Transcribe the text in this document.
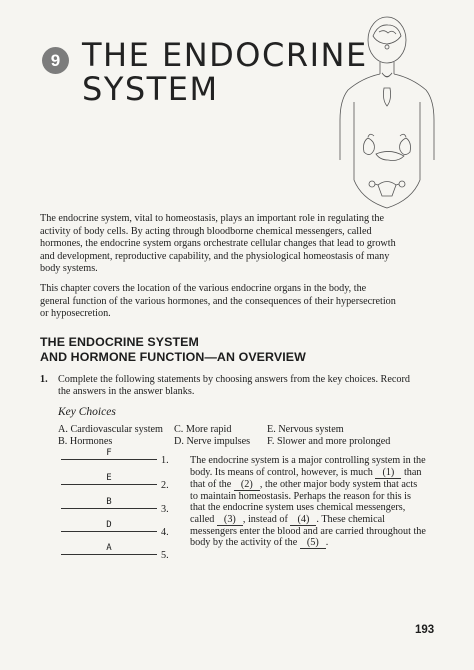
9 THE ENDOCRINE
SYSTEM

The endocrine system, vital to homeostasis, plays an important role in regulating the activity of body cells. By acting through bloodborne chemical messengers, called hormones, the endocrine system organs orchestrate cellular changes that lead to growth and development, reproductive capability, and the physiological homeostasis of many body systems.

This chapter covers the location of the various endocrine organs in the body, the general function of the various hormones, and the consequences of their hypersecretion or hyposecretion.

THE ENDOCRINE SYSTEM
AND HORMONE FUNCTION—AN OVERVIEW
1. Complete the following statements by choosing answers from the key choices. Record the answers in the answer blanks.
Key Choices
A. Cardiovascular system
B. Hormones
C. More rapid
D. Nerve impulses
E. Nervous system
F. Slower and more prolonged
F
1.
E
2.
B
3.
D
4.
A
5.
The endocrine system is a major controlling system in the body. Its means of control, however, is much (1) than that of the (2) , the other major body system that acts to maintain homeostasis. Perhaps the reason for this is that the endocrine system uses chemical messengers, called (3) , instead of (4) . These chemical messengers enter the blood and are carried throughout the body by the activity of the (5) .
193
